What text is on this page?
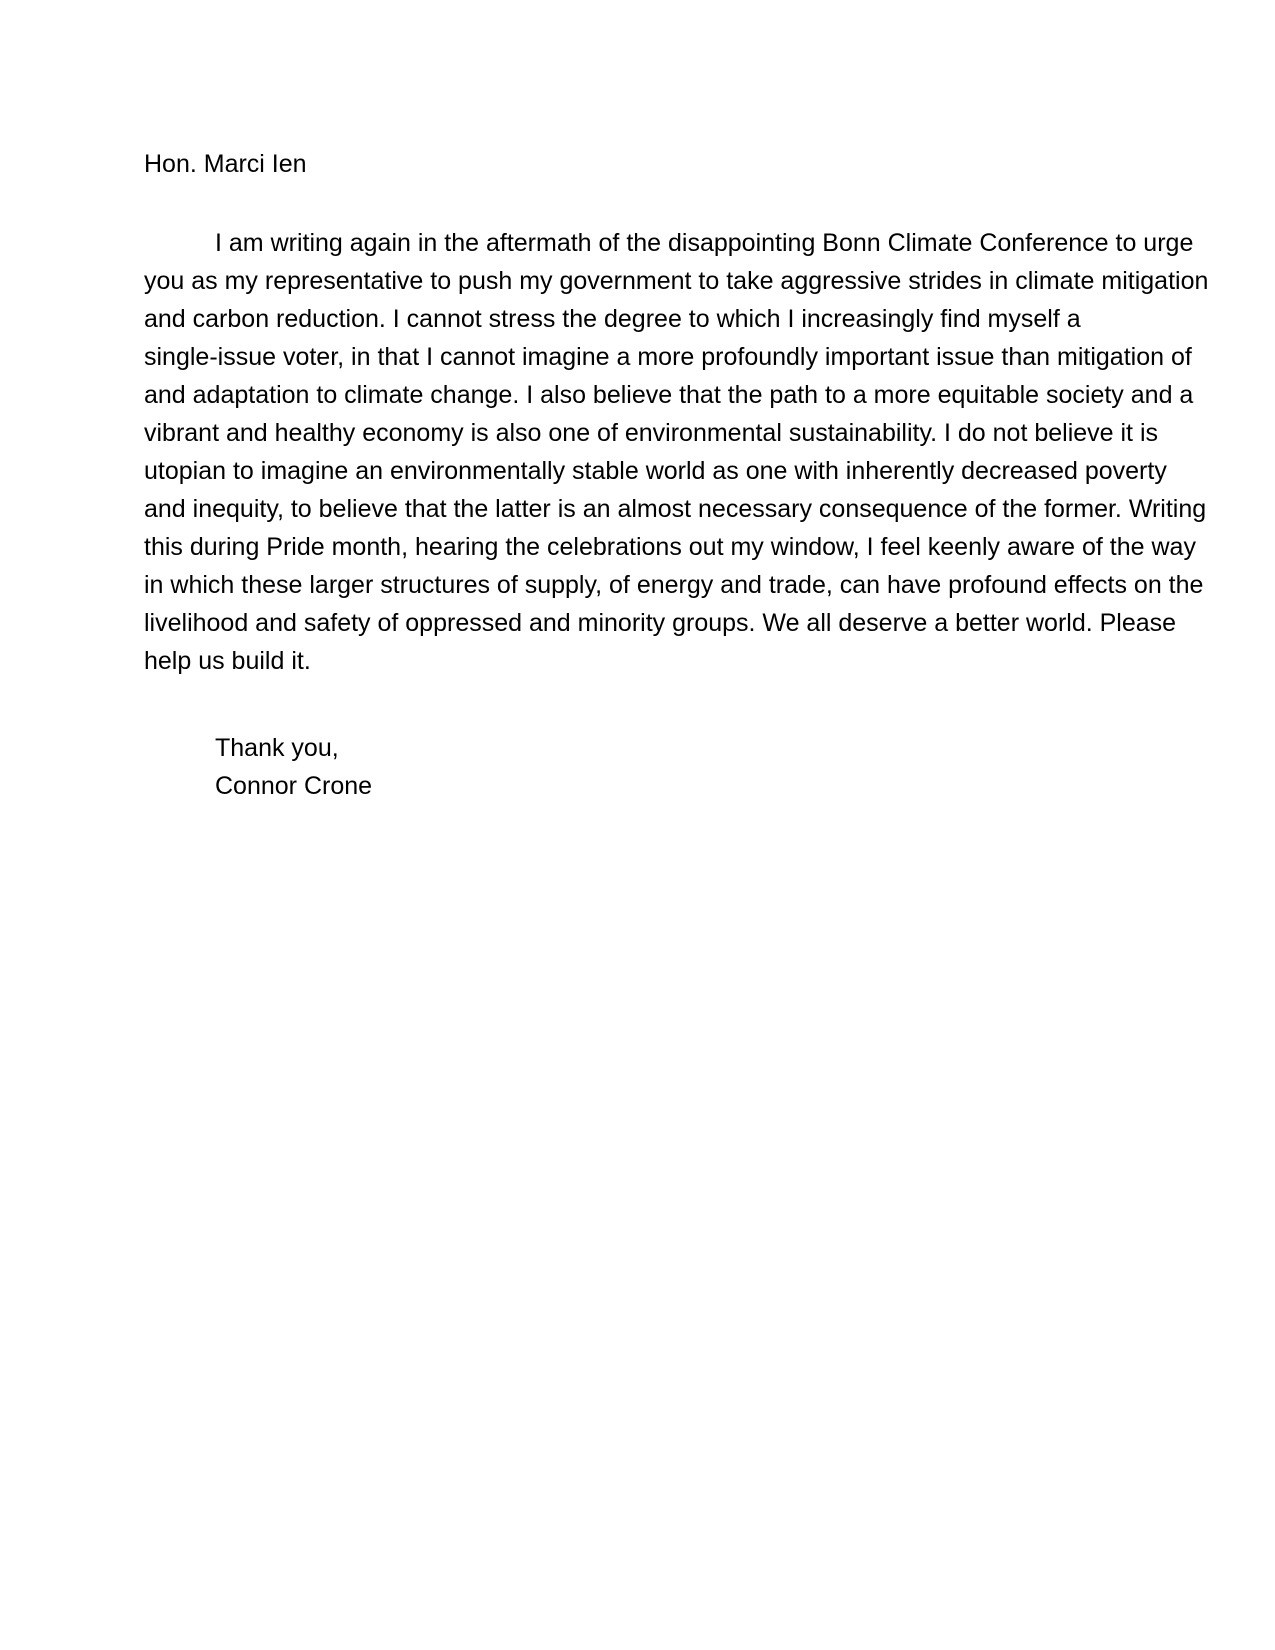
Hon. Marci Ien
I am writing again in the aftermath of the disappointing Bonn Climate Conference to urge
you as my representative to push my government to take aggressive strides in climate mitigation
and carbon reduction. I cannot stress the degree to which I increasingly find myself a
single-issue voter, in that I cannot imagine a more profoundly important issue than mitigation of
and adaptation to climate change. I also believe that the path to a more equitable society and a
vibrant and healthy economy is also one of environmental sustainability. I do not believe it is
utopian to imagine an environmentally stable world as one with inherently decreased poverty
and inequity, to believe that the latter is an almost necessary consequence of the former. Writing
this during Pride month, hearing the celebrations out my window, I feel keenly aware of the way
in which these larger structures of supply, of energy and trade, can have profound effects on the
livelihood and safety of oppressed and minority groups. We all deserve a better world. Please
help us build it.
Thank you,
Connor Crone
